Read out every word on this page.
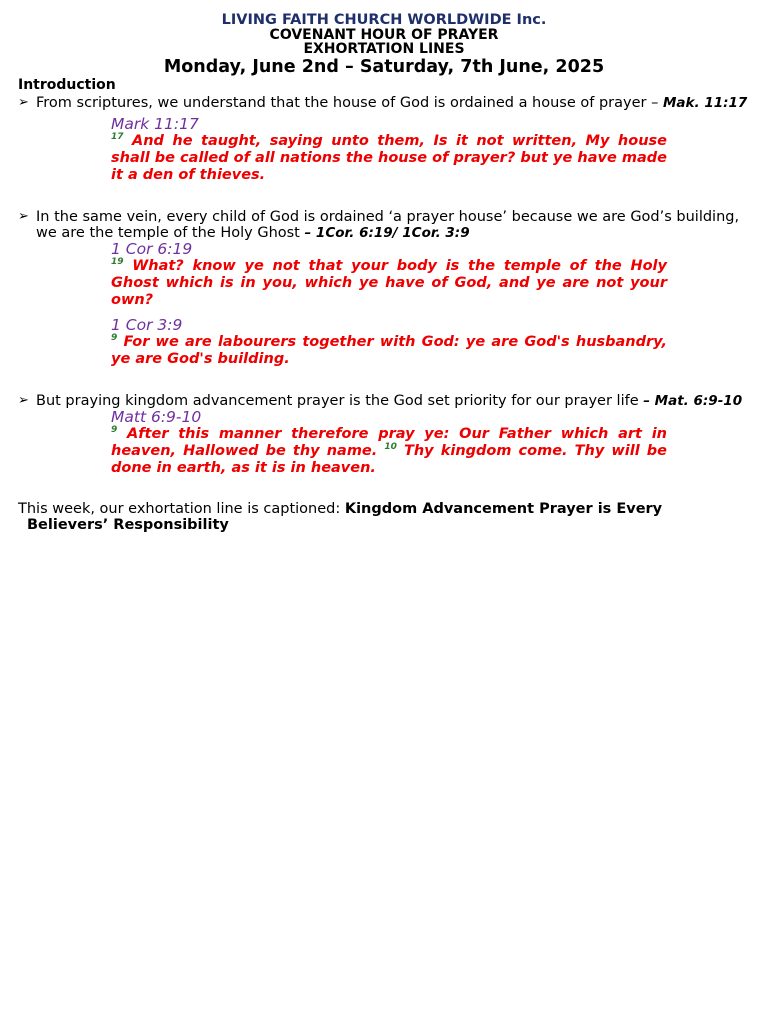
LIVING FAITH CHURCH WORLDWIDE Inc.
COVENANT HOUR OF PRAYER
EXHORTATION LINES
Monday, June 2nd – Saturday, 7th June, 2025
Introduction
➢ From scriptures, we understand that the house of God is ordained a house of prayer – Mak. 11:17
Mark 11:17
$^{17}$ And he taught, saying unto them, Is it not written, My house shall be called of all nations the house of prayer? but ye have made it a den of thieves.
➢ In the same vein, every child of God is ordained ‘a prayer house’ because we are God’s building, we are the temple of the Holy Ghost – 1Cor. 6:19/ 1Cor. 3:9
1 Cor 6:19
$^{19}$ What? know ye not that your body is the temple of the Holy Ghost which is in you, which ye have of God, and ye are not your own?
1 Cor 3:9
$^9$ For we are labourers together with God: ye are God's husbandry, ye are God's building.
➢ But praying kingdom advancement prayer is the God set priority for our prayer life – Mat. 6:9-10
Matt 6:9-10
$^9$ After this manner therefore pray ye: Our Father which art in heaven, Hallowed be thy name. $^{10}$ Thy kingdom come. Thy will be done in earth, as it is in heaven.
This week, our exhortation line is captioned: Kingdom Advancement Prayer is Every
Believers’ Responsibility
